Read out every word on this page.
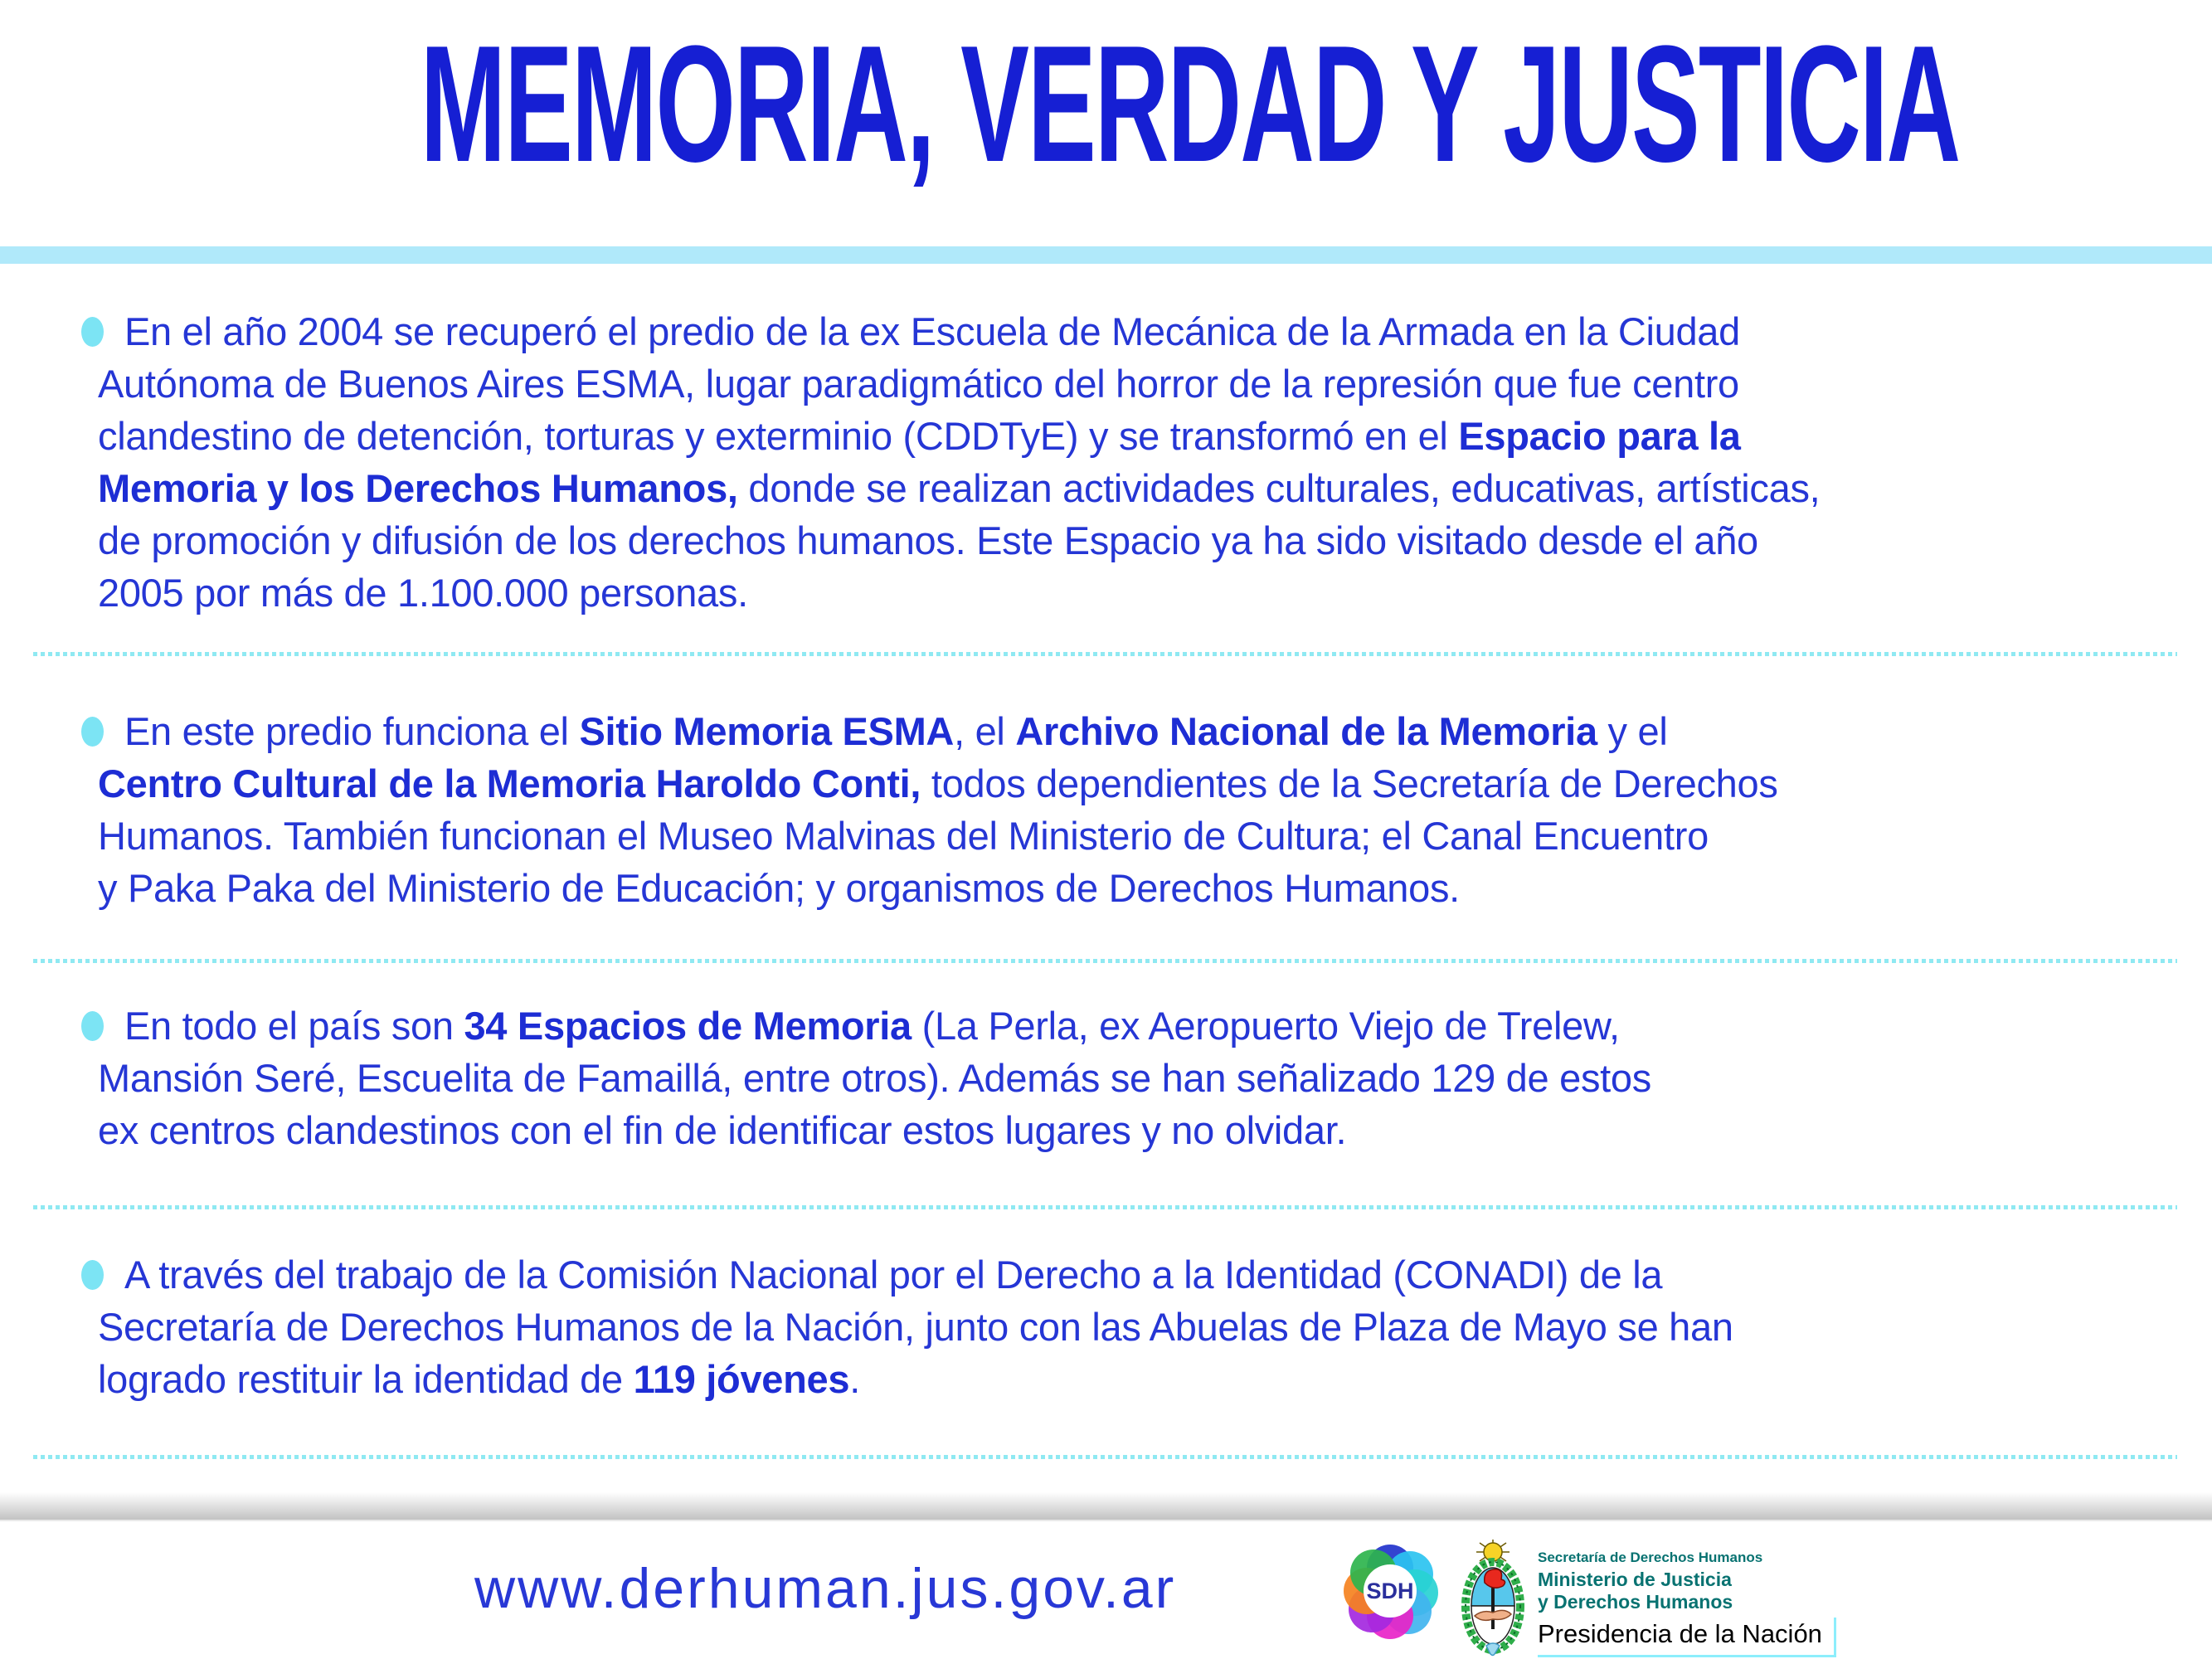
MEMORIA, VERDAD Y JUSTICIA
En el año 2004 se recuperó el predio de la ex Escuela de Mecánica de la Armada en la Ciudad
Autónoma de Buenos Aires ESMA, lugar paradigmático del horror de la represión que fue centro
clandestino de detención, torturas y exterminio (CDDTyE) y se transformó en el Espacio para la
Memoria y los Derechos Humanos, donde se realizan actividades culturales, educativas, artísticas,
de promoción y difusión de los derechos humanos. Este Espacio ya ha sido visitado desde el año
2005 por más de 1.100.000 personas.
En este predio funciona el Sitio Memoria ESMA, el Archivo Nacional de la Memoria y el
Centro Cultural de la Memoria Haroldo Conti, todos dependientes de la Secretaría de Derechos
Humanos. También funcionan el Museo Malvinas del Ministerio de Cultura; el Canal Encuentro
y Paka Paka del Ministerio de Educación; y organismos de Derechos Humanos.
En todo el país son 34 Espacios de Memoria (La Perla, ex Aeropuerto Viejo de Trelew,
Mansión Seré, Escuelita de Famaillá, entre otros). Además se han señalizado 129 de estos
ex centros clandestinos con el fin de identificar estos lugares y no olvidar.
A través del trabajo de la Comisión Nacional por el Derecho a la Identidad (CONADI) de la
Secretaría de Derechos Humanos de la Nación, junto con las Abuelas de Plaza de Mayo se han
logrado restituir la identidad de 119 jóvenes.
www.derhuman.jus.gov.ar	SDH
Secretaría de Derechos Humanos
Ministerio de Justicia
y Derechos Humanos
Presidencia de la Nación
